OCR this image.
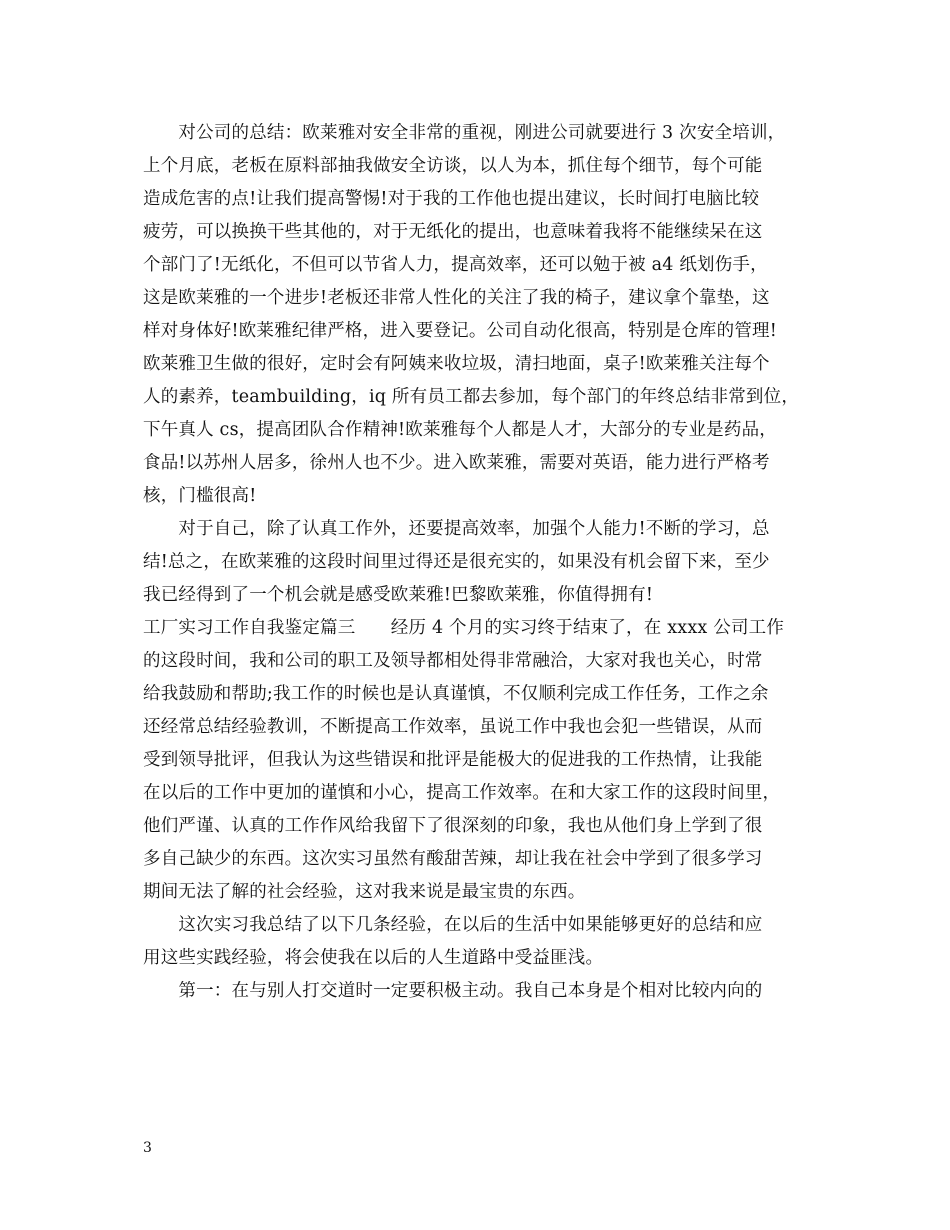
　　对公司的总结：欧莱雅对安全非常的重视，刚进公司就要进行 3 次安全培训，
上个月底，老板在原料部抽我做安全访谈，以人为本，抓住每个细节，每个可能
造成危害的点!让我们提高警惕!对于我的工作他也提出建议，长时间打电脑比较
疲劳，可以换换干些其他的，对于无纸化的提出，也意味着我将不能继续呆在这
个部门了!无纸化，不但可以节省人力，提高效率，还可以勉于被 a4 纸划伤手，
这是欧莱雅的一个进步!老板还非常人性化的关注了我的椅子，建议拿个靠垫，这
样对身体好!欧莱雅纪律严格，进入要登记。公司自动化很高，特别是仓库的管理!
欧莱雅卫生做的很好，定时会有阿姨来收垃圾，清扫地面，桌子!欧莱雅关注每个
人的素养，teambuilding，iq 所有员工都去参加，每个部门的年终总结非常到位，
下午真人 cs，提高团队合作精神!欧莱雅每个人都是人才，大部分的专业是药品，
食品!以苏州人居多，徐州人也不少。进入欧莱雅，需要对英语，能力进行严格考
核，门槛很高!
　　对于自己，除了认真工作外，还要提高效率，加强个人能力!不断的学习，总
结!总之，在欧莱雅的这段时间里过得还是很充实的，如果没有机会留下来，至少
我已经得到了一个机会就是感受欧莱雅!巴黎欧莱雅，你值得拥有!
工厂实习工作自我鉴定篇三　　经历 4 个月的实习终于结束了，在 xxxx 公司工作
的这段时间，我和公司的职工及领导都相处得非常融洽，大家对我也关心，时常
给我鼓励和帮助;我工作的时候也是认真谨慎，不仅顺利完成工作任务，工作之余
还经常总结经验教训，不断提高工作效率，虽说工作中我也会犯一些错误，从而
受到领导批评，但我认为这些错误和批评是能极大的促进我的工作热情，让我能
在以后的工作中更加的谨慎和小心，提高工作效率。在和大家工作的这段时间里，
他们严谨、认真的工作作风给我留下了很深刻的印象，我也从他们身上学到了很
多自己缺少的东西。这次实习虽然有酸甜苦辣，却让我在社会中学到了很多学习
期间无法了解的社会经验，这对我来说是最宝贵的东西。
　　这次实习我总结了以下几条经验，在以后的生活中如果能够更好的总结和应
用这些实践经验，将会使我在以后的人生道路中受益匪浅。
　　第一：在与别人打交道时一定要积极主动。我自己本身是个相对比较内向的
3
